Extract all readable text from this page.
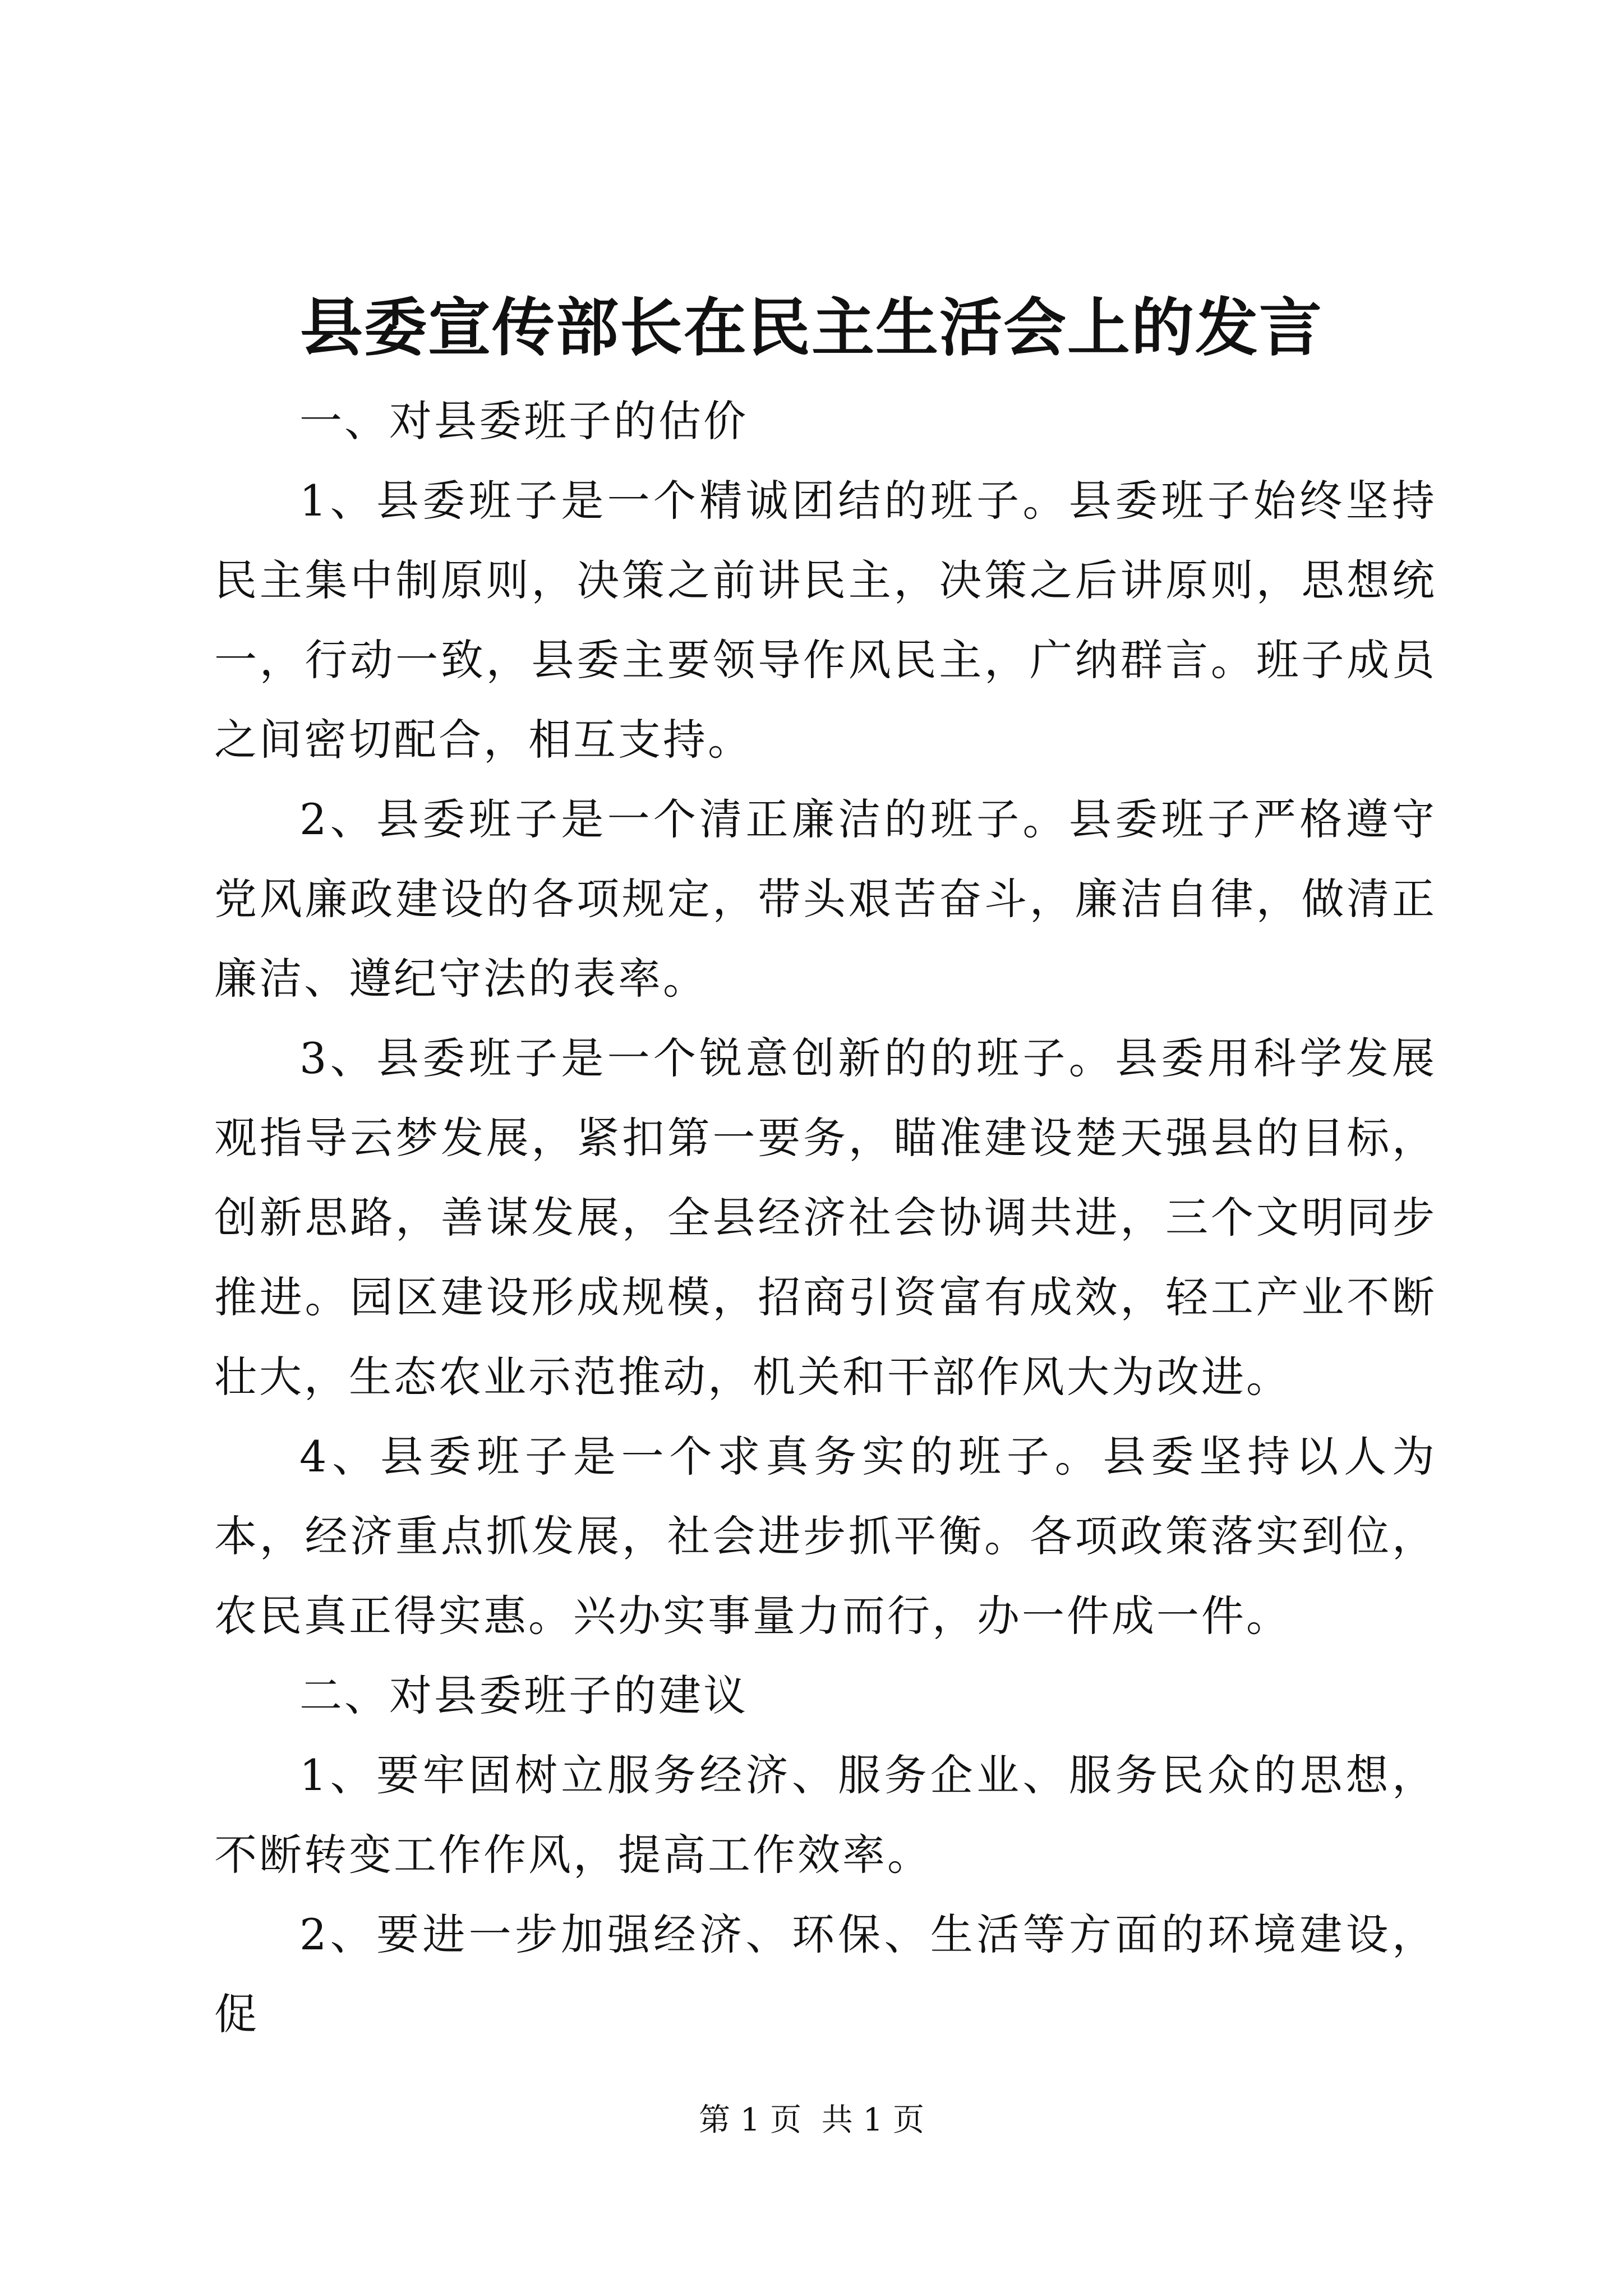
县委宣传部长在民主生活会上的发言

一、对县委班子的估价

1、县委班子是一个精诚团结的班子。县委班子始终坚持民主集中制原则，决策之前讲民主，决策之后讲原则，思想统一，行动一致，县委主要领导作风民主，广纳群言。班子成员之间密切配合，相互支持。

2、县委班子是一个清正廉洁的班子。县委班子严格遵守党风廉政建设的各项规定，带头艰苦奋斗，廉洁自律，做清正廉洁、遵纪守法的表率。

3、县委班子是一个锐意创新的的班子。县委用科学发展观指导云梦发展，紧扣第一要务，瞄准建设楚天强县的目标，创新思路，善谋发展，全县经济社会协调共进，三个文明同步推进。园区建设形成规模，招商引资富有成效，轻工产业不断壮大，生态农业示范推动，机关和干部作风大为改进。

4、县委班子是一个求真务实的班子。县委坚持以人为本，经济重点抓发展，社会进步抓平衡。各项政策落实到位，农民真正得实惠。兴办实事量力而行，办一件成一件。

二、对县委班子的建议

1、要牢固树立服务经济、服务企业、服务民众的思想，不断转变工作作风，提高工作效率。

2、要进一步加强经济、环保、生活等方面的环境建设，促

第 1 页 共 1 页
